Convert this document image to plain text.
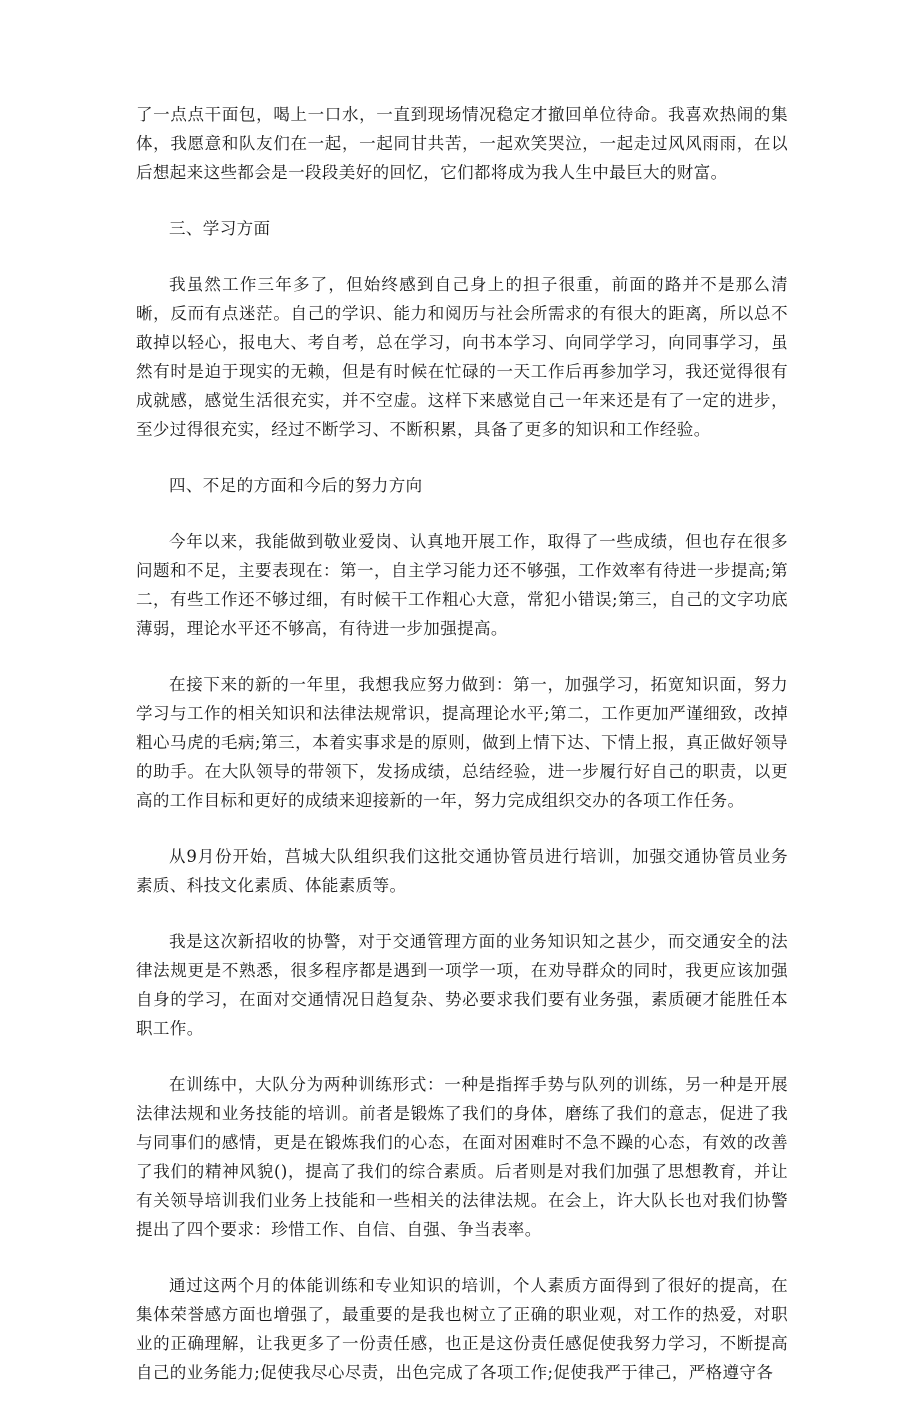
了一点点干面包，喝上一口水，一直到现场情况稳定才撤回单位待命。我喜欢热闹的集体，我愿意和队友们在一起，一起同甘共苦，一起欢笑哭泣，一起走过风风雨雨，在以后想起来这些都会是一段段美好的回忆，它们都将成为我人生中最巨大的财富。

三、学习方面

我虽然工作三年多了，但始终感到自己身上的担子很重，前面的路并不是那么清晰，反而有点迷茫。自己的学识、能力和阅历与社会所需求的有很大的距离，所以总不敢掉以轻心，报电大、考自考，总在学习，向书本学习、向同学学习，向同事学习，虽然有时是迫于现实的无赖，但是有时候在忙碌的一天工作后再参加学习，我还觉得很有成就感，感觉生活很充实，并不空虚。这样下来感觉自己一年来还是有了一定的进步，至少过得很充实，经过不断学习、不断积累，具备了更多的知识和工作经验。

四、不足的方面和今后的努力方向

今年以来，我能做到敬业爱岗、认真地开展工作，取得了一些成绩，但也存在很多问题和不足，主要表现在：第一，自主学习能力还不够强，工作效率有待进一步提高;第二，有些工作还不够过细，有时候干工作粗心大意，常犯小错误;第三，自己的文字功底薄弱，理论水平还不够高，有待进一步加强提高。

在接下来的新的一年里，我想我应努力做到：第一，加强学习，拓宽知识面，努力学习与工作的相关知识和法律法规常识，提高理论水平;第二，工作更加严谨细致，改掉粗心马虎的毛病;第三，本着实事求是的原则，做到上情下达、下情上报，真正做好领导的助手。在大队领导的带领下，发扬成绩，总结经验，进一步履行好自己的职责，以更高的工作目标和更好的成绩来迎接新的一年，努力完成组织交办的各项工作任务。

从9月份开始，莒城大队组织我们这批交通协管员进行培训，加强交通协管员业务素质、科技文化素质、体能素质等。

我是这次新招收的协警，对于交通管理方面的业务知识知之甚少，而交通安全的法律法规更是不熟悉，很多程序都是遇到一项学一项，在劝导群众的同时，我更应该加强自身的学习，在面对交通情况日趋复杂、势必要求我们要有业务强，素质硬才能胜任本职工作。

在训练中，大队分为两种训练形式：一种是指挥手势与队列的训练，另一种是开展法律法规和业务技能的培训。前者是锻炼了我们的身体，磨练了我们的意志，促进了我与同事们的感情，更是在锻炼我们的心态，在面对困难时不急不躁的心态，有效的改善了我们的精神风貌()，提高了我们的综合素质。后者则是对我们加强了思想教育，并让有关领导培训我们业务上技能和一些相关的法律法规。在会上，许大队长也对我们协警提出了四个要求：珍惜工作、自信、自强、争当表率。

通过这两个月的体能训练和专业知识的培训，个人素质方面得到了很好的提高，在集体荣誉感方面也增强了，最重要的是我也树立了正确的职业观，对工作的热爱，对职业的正确理解，让我更多了一份责任感，也正是这份责任感促使我努力学习，不断提高自己的业务能力;促使我尽心尽责，出色完成了各项工作;促使我严于律己，严格遵守各
